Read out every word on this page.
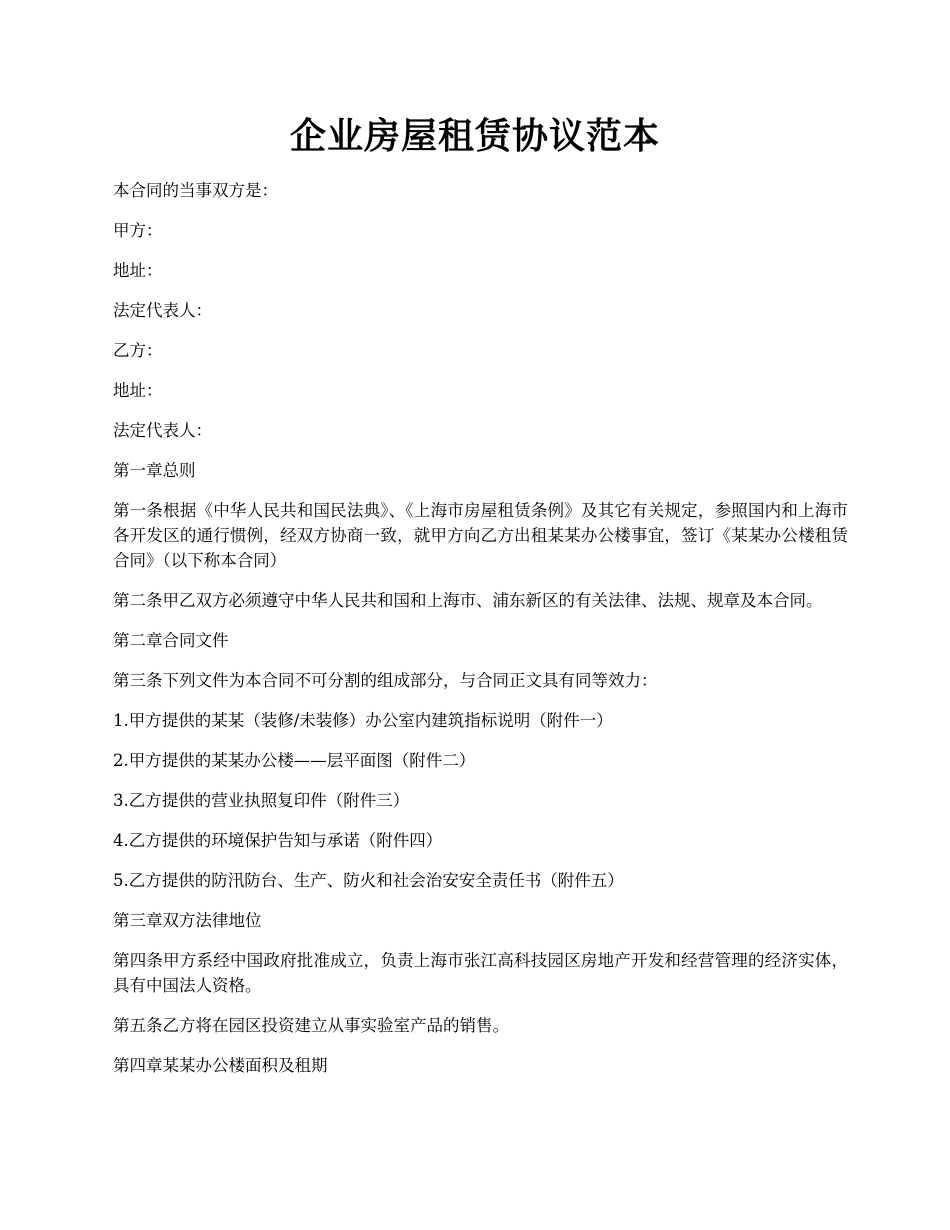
企业房屋租赁协议范本

本合同的当事双方是：

甲方：

地址：

法定代表人：

乙方：

地址：

法定代表人：

第一章总则

第一条根据《中华人民共和国民法典》、《上海市房屋租赁条例》及其它有关规定，参照国内和上海市各开发区的通行惯例，经双方协商一致，就甲方向乙方出租某某办公楼事宜，签订《某某办公楼租赁合同》（以下称本合同）

第二条甲乙双方必须遵守中华人民共和国和上海市、浦东新区的有关法律、法规、规章及本合同。

第二章合同文件

第三条下列文件为本合同不可分割的组成部分，与合同正文具有同等效力：

1.甲方提供的某某（装修/未装修）办公室内建筑指标说明（附件一）

2.甲方提供的某某办公楼——层平面图（附件二）

3.乙方提供的营业执照复印件（附件三）

4.乙方提供的环境保护告知与承诺（附件四）

5.乙方提供的防汛防台、生产、防火和社会治安安全责任书（附件五）

第三章双方法律地位

第四条甲方系经中国政府批准成立，负责上海市张江高科技园区房地产开发和经营管理的经济实体，具有中国法人资格。

第五条乙方将在园区投资建立从事实验室产品的销售。

第四章某某办公楼面积及租期
